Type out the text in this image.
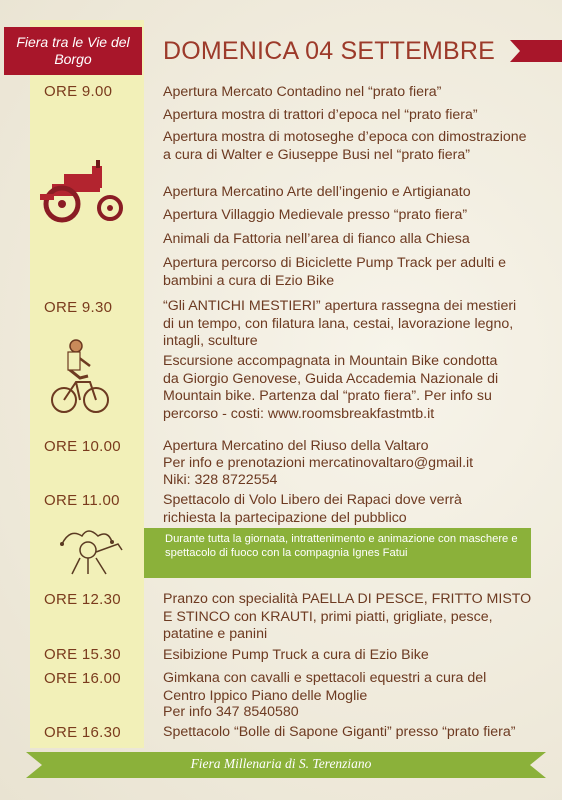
Fiera tra le Vie del Borgo	DOMENICA 04 SETTEMBRE
ORE 9.00	Apertura Mercato Contadino nel “prato fiera”
Apertura mostra di trattori d’epoca nel “prato fiera”
Apertura mostra di motoseghe d’epoca con dimostrazione a cura di Walter e Giuseppe Busi nel “prato fiera”
Apertura Mercatino Arte dell’ingenio e Artigianato
Apertura Villaggio Medievale presso “prato fiera”
Animali da Fattoria nell’area di fianco alla Chiesa
Apertura percorso di Biciclette Pump Track per adulti e bambini a cura di Ezio Bike
ORE 9.30	“Gli ANTICHI MESTIERI” apertura rassegna dei mestieri di un tempo, con filatura lana, cestai, lavorazione legno, intagli, sculture
Escursione accompagnata in Mountain Bike condotta da Giorgio Genovese, Guida Accademia Nazionale di Mountain bike. Partenza dal “prato fiera”. Per info su percorso - costi: www.roomsbreakfastmtb.it
ORE 10.00	Apertura Mercatino del Riuso della Valtaro
Per info e prenotazioni mercatinovaltaro@gmail.it
Niki: 328 8722554
ORE 11.00	Spettacolo di Volo Libero dei Rapaci dove verrà richiesta la partecipazione del pubblico
Durante tutta la giornata, intrattenimento e animazione con maschere e spettacolo di fuoco con la compagnia Ignes Fatui
ORE 12.30	Pranzo con specialità PAELLA DI PESCE, FRITTO MISTO E STINCO con KRAUTI, primi piatti, grigliate, pesce, patatine e panini
ORE 15.30	Esibizione Pump Truck a cura di Ezio Bike
ORE 16.00	Gimkana con cavalli e spettacoli equestri a cura del Centro Ippico Piano delle Moglie
Per info 347 8540580
ORE 16.30	Spettacolo “Bolle di Sapone Giganti” presso “prato fiera”
Fiera Millenaria di S. Terenziano
